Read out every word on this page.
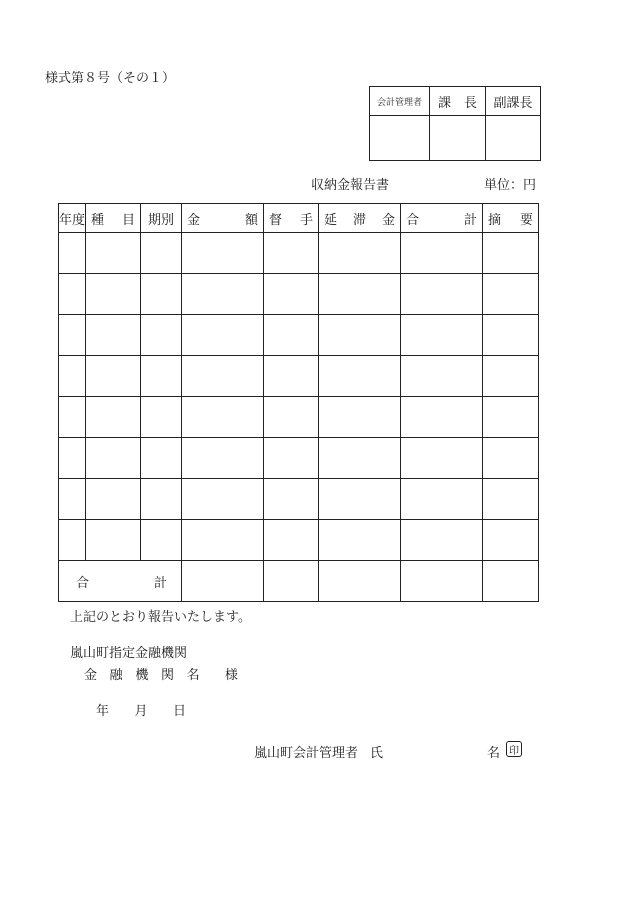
様式第８号（その１）
会計管理者	課　長	副課長

収納金報告書	単位：円
年度	種 目	期別	金 額	督 手	延 滞 金	合 計	摘 要

合 計							

上記のとおり報告いたします。
嵐山町指定金融機関
金 融 機 関 名 様
年 月 日
嵐山町会計管理者 氏	名 印
